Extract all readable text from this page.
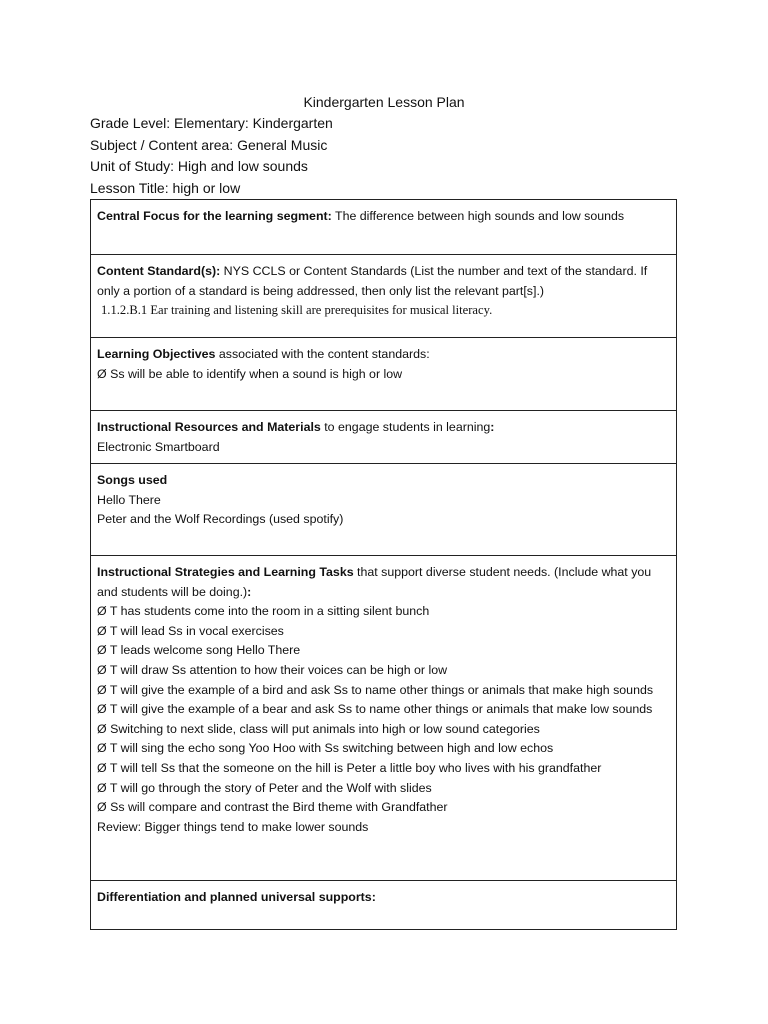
Kindergarten Lesson Plan
Grade Level: Elementary: Kindergarten
Subject / Content area: General Music
Unit of Study: High and low sounds
Lesson Title: high or low
Central Focus for the learning segment: The difference between high sounds and low sounds
Content Standard(s): NYS CCLS or Content Standards (List the number and text of the standard. If only a portion of a standard is being addressed, then only list the relevant part[s].)
1.1.2.B.1 Ear training and listening skill are prerequisites for musical literacy.
Learning Objectives associated with the content standards:
Ø Ss will be able to identify when a sound is high or low
Instructional Resources and Materials to engage students in learning:
Electronic Smartboard
Songs used
Hello There
Peter and the Wolf Recordings (used spotify)
Instructional Strategies and Learning Tasks that support diverse student needs. (Include what you and students will be doing.):
Ø T has students come into the room in a sitting silent bunch
Ø T will lead Ss in vocal exercises
Ø T leads welcome song Hello There
Ø T will draw Ss attention to how their voices can be high or low
Ø T will give the example of a bird and ask Ss to name other things or animals that make high sounds
Ø T will give the example of a bear and ask Ss to name other things or animals that make low sounds
Ø Switching to next slide, class will put animals into high or low sound categories
Ø T will sing the echo song Yoo Hoo with Ss switching between high and low echos
Ø T will tell Ss that the someone on the hill is Peter a little boy who lives with his grandfather
Ø T will go through the story of Peter and the Wolf with slides
Ø Ss will compare and contrast the Bird theme with Grandfather
Review: Bigger things tend to make lower sounds
Differentiation and planned universal supports:
